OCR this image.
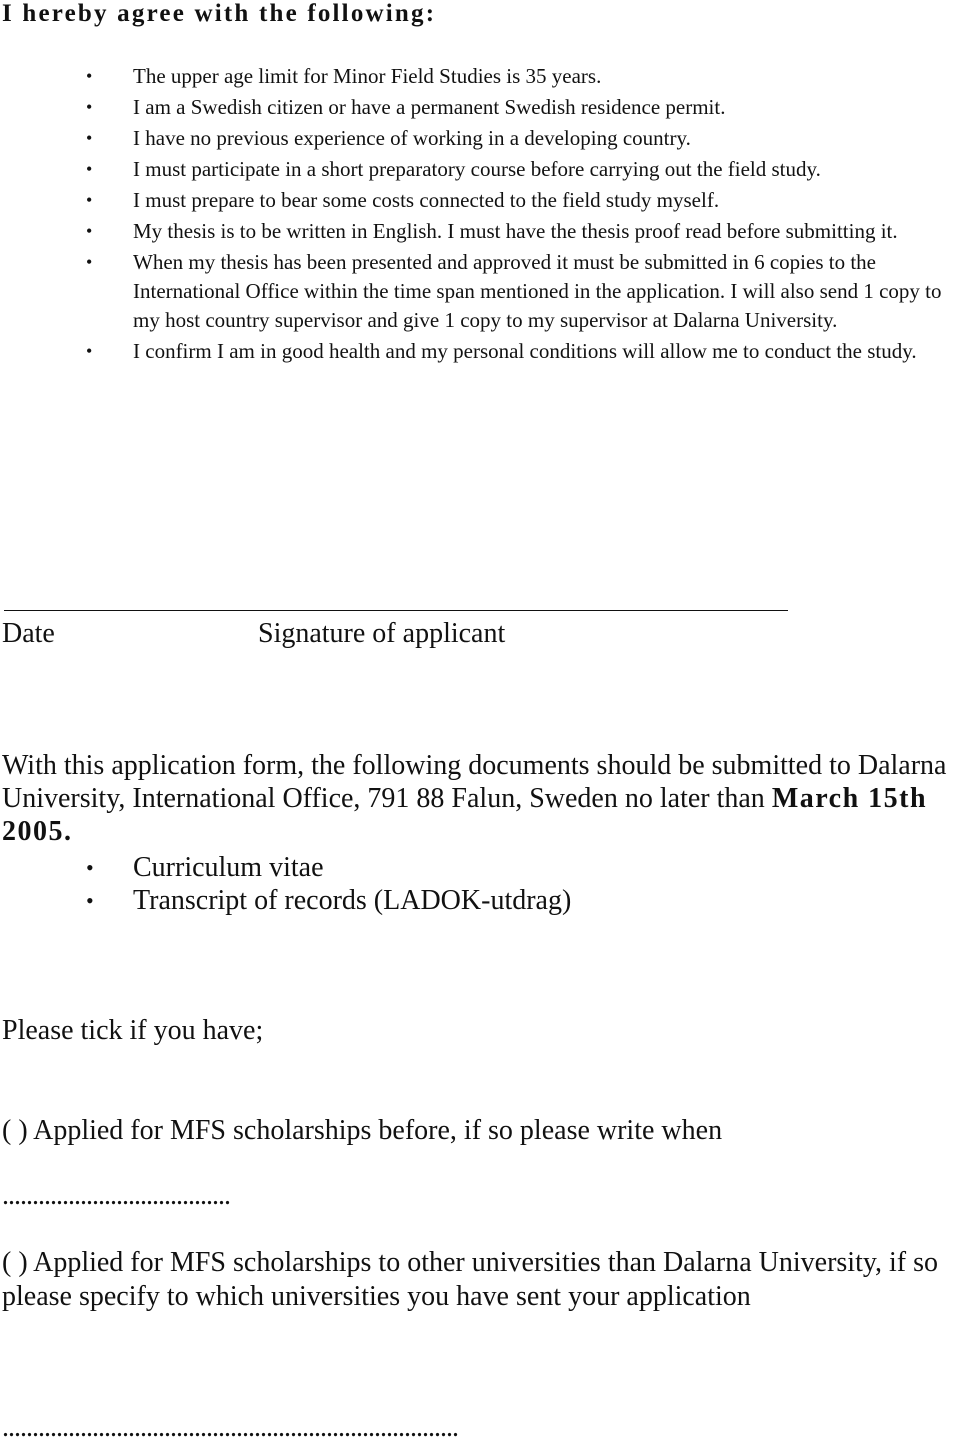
I hereby agree with the following:
• The upper age limit for Minor Field Studies is 35 years.
• I am a Swedish citizen or have a permanent Swedish residence permit.
• I have no previous experience of working in a developing country.
• I must participate in a short preparatory course before carrying out the field study.
• I must prepare to bear some costs connected to the field study myself.
• My thesis is to be written in English. I must have the thesis proof read before submitting it.
• When my thesis has been presented and approved it must be submitted in 6 copies to the International Office within the time span mentioned in the application. I will also send 1 copy to my host country supervisor and give 1 copy to my supervisor at Dalarna University.
• I confirm I am in good health and my personal conditions will allow me to conduct the study.
Date	Signature of applicant

With this application form, the following documents should be submitted to Dalarna University, International Office, 791 88 Falun, Sweden no later than March 15th 2005.

• Curriculum vitae
• Transcript of records (LADOK-utdrag)
Please tick if you have;
( ) Applied for MFS scholarships before, if so please write when
......................................
( ) Applied for MFS scholarships to other universities than Dalarna University, if so please specify to which universities you have sent your application
............................................................................
